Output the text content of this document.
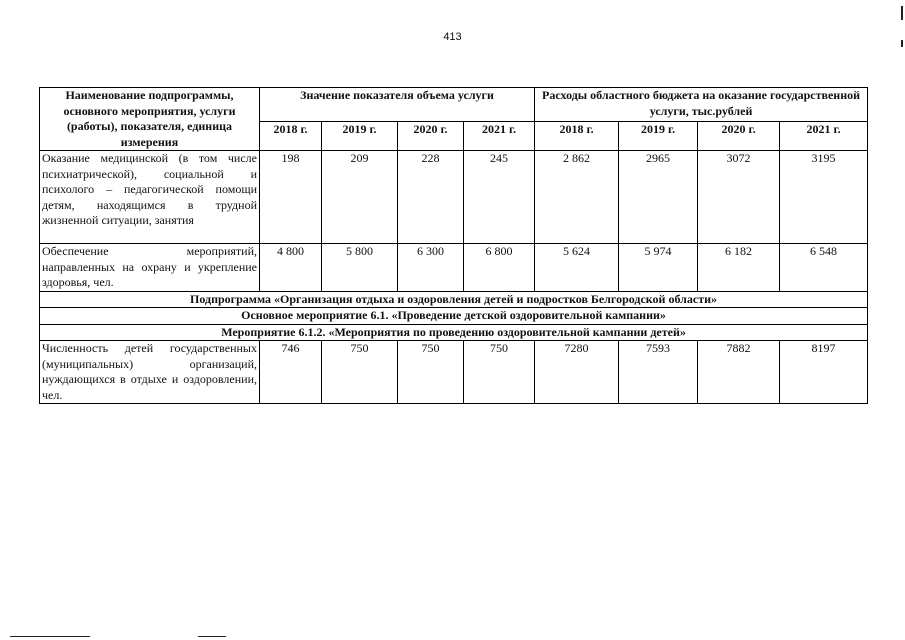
413
Наименование подпрограммы, основного мероприятия, услуги (работы), показателя, единица измерения	Значение показателя объема услуги				Расходы областного бюджета на оказание государственной услуги, тыс.рублей			
	2018 г.	2019 г.	2020 г.	2021 г.	2018 г.	2019 г.	2020 г.	2021 г.
Оказание медицинской (в том числе психиатрической), социальной и психолого – педагогической помощи детям, находящимся в трудной жизненной ситуации, занятия	198	209	228	245	2 862	2965	3072	3195
Обеспечение мероприятий, направленных на охрану и укрепление здоровья, чел.	4 800	5 800	6 300	6 800	5 624	5 974	6 182	6 548
Подпрограмма «Организация отдыха и оздоровления детей и подростков Белгородской области»								
Основное мероприятие 6.1. «Проведение детской оздоровительной кампании»								
Мероприятие 6.1.2. «Мероприятия по проведению оздоровительной кампании детей»								
Численность детей государственных (муниципальных) организаций, нуждающихся в отдыхе и оздоровлении, чел.	746	750	750	750	7280	7593	7882	8197
